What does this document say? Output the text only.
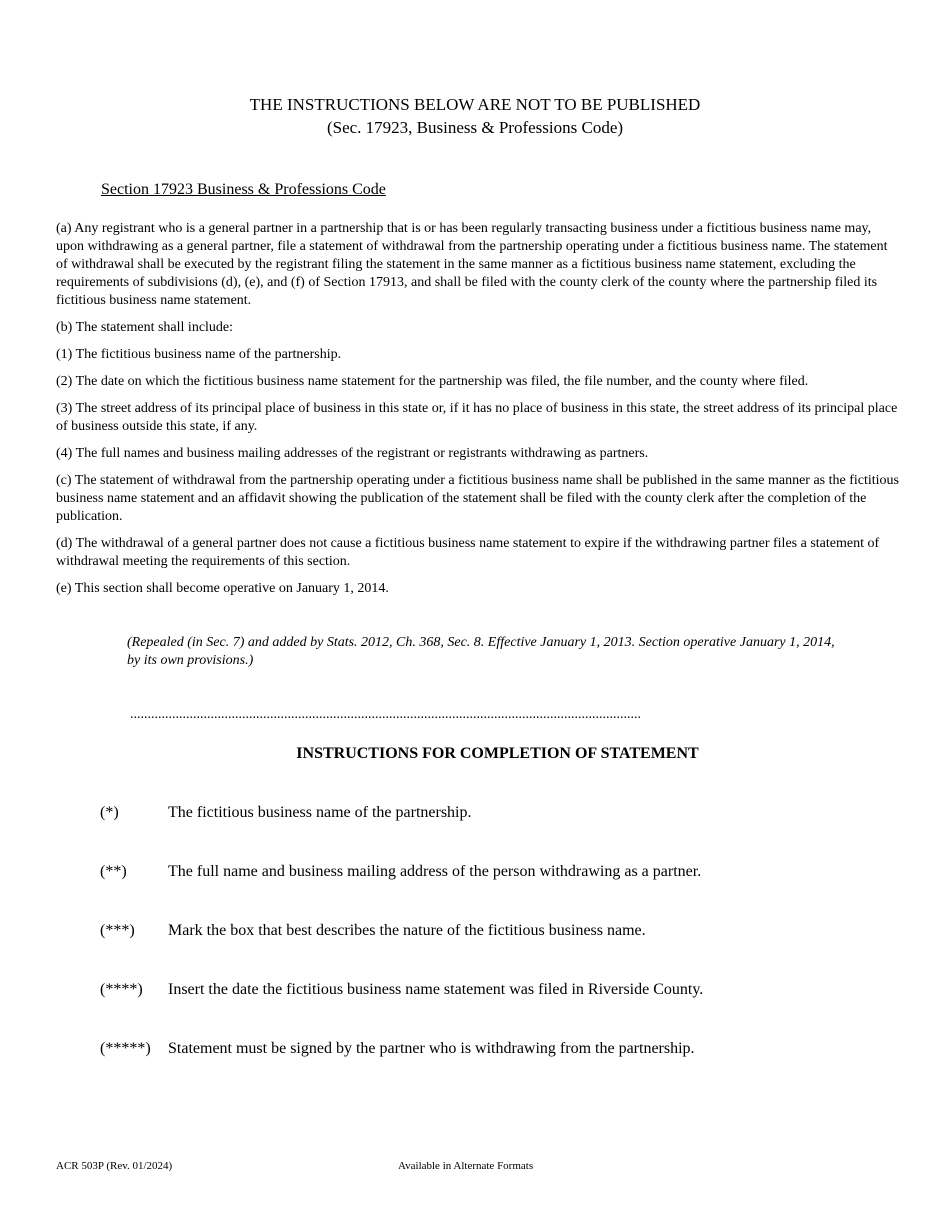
THE INSTRUCTIONS BELOW ARE NOT TO BE PUBLISHED
(Sec. 17923, Business & Professions Code)
Section 17923 Business & Professions Code

(a) Any registrant who is a general partner in a partnership that is or has been regularly transacting business under a fictitious business name may, upon withdrawing as a general partner, file a statement of withdrawal from the partnership operating under a fictitious business name. The statement of withdrawal shall be executed by the registrant filing the statement in the same manner as a fictitious business name statement, excluding the requirements of subdivisions (d), (e), and (f) of Section 17913, and shall be filed with the county clerk of the county where the partnership filed its fictitious business name statement.

(b) The statement shall include:

(1) The fictitious business name of the partnership.

(2) The date on which the fictitious business name statement for the partnership was filed, the file number, and the county where filed.

(3) The street address of its principal place of business in this state or, if it has no place of business in this state, the street address of its principal place of business outside this state, if any.

(4) The full names and business mailing addresses of the registrant or registrants withdrawing as partners.

(c) The statement of withdrawal from the partnership operating under a fictitious business name shall be published in the same manner as the fictitious business name statement and an affidavit showing the publication of the statement shall be filed with the county clerk after the completion of the publication.

(d) The withdrawal of a general partner does not cause a fictitious business name statement to expire if the withdrawing partner files a statement of withdrawal meeting the requirements of this section.

(e) This section shall become operative on January 1, 2014.

(Repealed (in Sec. 7) and added by Stats. 2012, Ch. 368, Sec. 8. Effective January 1, 2013. Section operative January 1, 2014, by its own provisions.)
..................................................................................................................................................
INSTRUCTIONS FOR COMPLETION OF STATEMENT
(*)	The fictitious business name of the partnership.
(**)	The full name and business mailing address of the person withdrawing as a partner.
(***)	Mark the box that best describes the nature of the fictitious business name.
(****)	Insert the date the fictitious business name statement was filed in Riverside County.
(*****)	Statement must be signed by the partner who is withdrawing from the partnership.
ACR 503P (Rev. 01/2024)	Available in Alternate Formats
